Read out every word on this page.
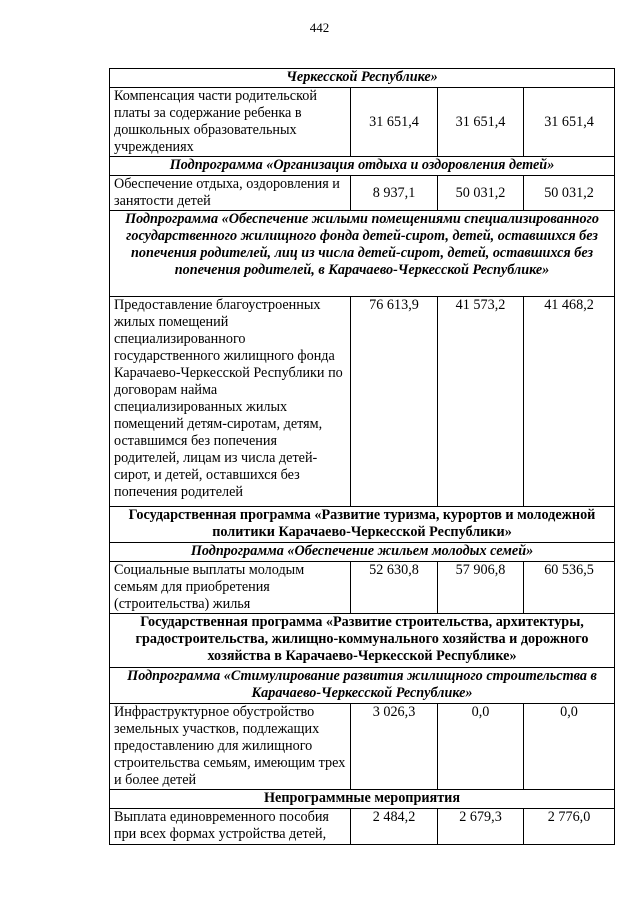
442
Черкесской Республике»			
Компенсация части родительской платы за содержание ребенка в дошкольных образовательных учреждениях	31 651,4	31 651,4	31 651,4
Подпрограмма «Организация отдыха и оздоровления детей»			
Обеспечение отдыха, оздоровления и занятости детей	8 937,1	50 031,2	50 031,2
Подпрограмма «Обеспечение жилыми помещениями специализированного государственного жилищного фонда детей-сирот, детей, оставшихся без попечения родителей, лиц из числа детей-сирот, детей, оставшихся без попечения родителей, в Карачаево-Черкесской Республике»			
Предоставление благоустроенных жилых помещений специализированного государственного жилищного фонда Карачаево-Черкесской Республики по договорам найма специализированных жилых помещений детям-сиротам, детям, оставшимся без попечения родителей, лицам из числа детей-сирот, и детей, оставшихся без попечения родителей	76 613,9	41 573,2	41 468,2
Государственная программа «Развитие туризма, курортов и молодежной политики Карачаево-Черкесской Республики»			
Подпрограмма «Обеспечение жильем молодых семей»			
Социальные выплаты молодым семьям для приобретения (строительства) жилья	52 630,8	57 906,8	60 536,5
Государственная программа «Развитие строительства, архитектуры, градостроительства, жилищно-коммунального хозяйства и дорожного хозяйства в Карачаево-Черкесской Республике»			
Подпрограмма «Стимулирование развития жилищного строительства в Карачаево-Черкесской Республике»			
Инфраструктурное обустройство земельных участков, подлежащих предоставлению для жилищного строительства семьям, имеющим трех и более детей	3 026,3	0,0	0,0
Непрограммные мероприятия			
Выплата единовременного пособия при всех формах устройства детей,	2 484,2	2 679,3	2 776,0
